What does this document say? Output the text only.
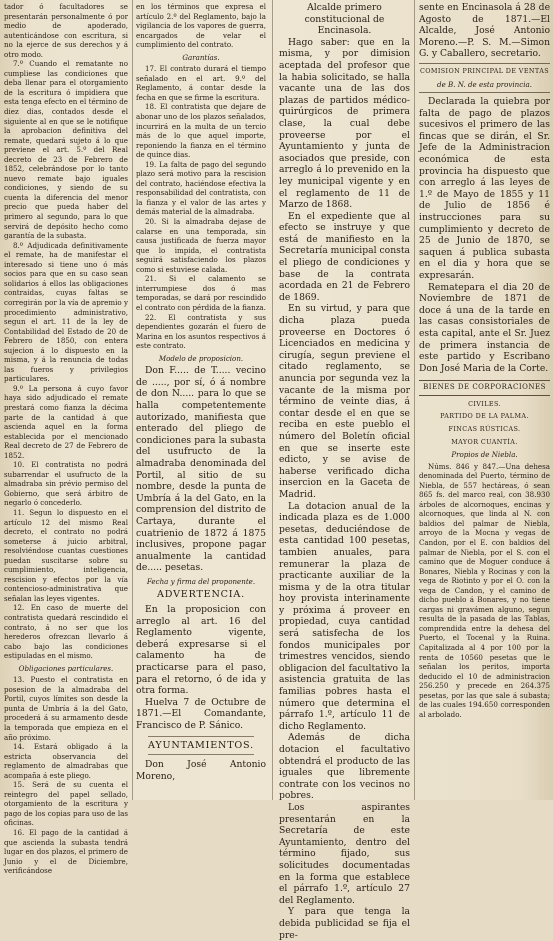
tador ó facultadores se presentarán personalmente ó por medio de apoderado, autenticándose con escritura, si no la ejerce de sus derechos y á otro modo.

7.º Cuando el rematante no cumpliese las condiciones que deba llenar para el otorgamiento de la escritura ó impidiera que esta tenga efecto en el término de diez dias, contados desde el siguiente al en que se le notifique la aprobacion definitiva del remate, quedará sujeto á lo que previene el art. 5.º del Real decreto de 23 de Febrero de 1852, celebrándose por lo tanto nuevo remate bajo iguales condiciones, y siendo de su cuenta la diferencia del menor precio que pueda haber del primero al segundo, para lo que servirá de depósito hecho como garantía de la subasta.

8.º Adjudicada definitivamente el remate, ha de manifestar el interesado si tiene uno ó más socios para que en su caso sean solidarios á ellos las obligaciones contraidas, cuyas faltas se corregirán por la vía de apremio y procedimiento administrativo, segun el art. 11 de la ley de Contabilidad del Estado de 20 de Febrero de 1850, con entera sujecion á lo dispuesto en la misma, y á la renuncia de todas las fueros y privilegios particulares.

9.º La persona á cuyo favor haya sido adjudicado el remate prestará como fianza la décima parte de la cantidad á que ascienda aquel en la forma establecida por el mencionado Real decreto de 27 de Febrero de 1852.

10. El contratista no podrá subarrendar el usufructo de la almadraba sin prévio permiso del Gobierno, que será árbitro de negarlo ó concederlo.

11. Segun lo dispuesto en el artículo 12 del mismo Real decreto, el contrato no podrá someterse á juicio arbitral, resolviéndose cuantas cuestiones puedan suscitarse sobre su cumplimiento, inteligencia, rescision y efectos por la vía contencioso-administrativa que señalan las leyes vigentes.

12. En caso de muerte del contratista quedará rescindido el contrato, á no ser que los herederos ofrezcan llevarlo á cabo bajo las condiciones estipuladas en el mismo.

Obligaciones particulares.

13. Puesto el contratista en posesion de la almadraba del Portil, cuyos límites son desde la punta de Umbría á la del Gato, procederá á su armamento desde la temporada que empieza en el año próximo.

14. Estará obligado á la estricta observancia del reglamento de almadrabas que acompaña á este pliego.

15. Será de su cuenta el reintegro del papel sellado, otorgamiento de la escritura y pago de los copias para uso de las oficinas.

16. El pago de la cantidad á que ascienda la subasta tendrá lugar en dos plazos, el primero de Junio y el de Diciembre, verificándose

en los términos que expresa el artículo 2.º del Reglamento, bajo la vigilancia de los vapores de guerra, encargados de velar el cumplimiento del contrato.

Garantías.

17. El contrato durará el tiempo señalado en el art. 9.º del Reglamento, á contar desde la fecha en que se firme la escritura.

18. El contratista que dejare de abonar uno de los plazos señalados, incurrirá en la multa de un tercio más de lo que aquel importe, reponiendo la fianza en el término de quince dias.

19. La falta de pago del segundo plazo será motivo para la rescision del contrato, haciéndose efectiva la responsabilidad del contratista, con la fianza y el valor de las artes y demás material de la almadraba.

20. Si la almadraba dejase de calarse en una temporada, sin causa justificada de fuerza mayor que lo impida, el contratista seguirá satisfaciendo los plazos como si estuviese calada.

21. Si el calamento se interrumpiese dos ó mas temporadas, se dará por rescindido el contrato con pérdida de la fianza.

22. El contratista y sus dependientes gozarán el fuero de Marina en los asuntos respectivos á este contrato.

Modelo de proposicion.

Don F..... de T..... vecino de ....., por sí, ó á nombre de don N..... para lo que se halla competentemente autorizado, manifiesta que enterado del pliego de condiciones para la subasta del usufructo de la almadraba denominada del Portil, al sitio de su nombre, desde la punta de Umbría á la del Gato, en la comprension del distrito de Cartaya, durante el cuatrienio de 1872 á 1875 inclusives, propone pagar anualmente la cantidad de..... pesetas.

Fecha y firma del proponente.

ADVERTENCIA.

En la proposicion con arreglo al art. 16 del Reglamento vigente, deberá expresarse si el calamento ha de practicarse para el paso, para el retorno, ó de ida y otra forma.

Huelva 7 de Octubre de 1871.—El Comandante, Francisco de P. Sánico.

AYUNTAMIENTOS.

Don José Antonio Moreno,

Alcalde primero constitucional de Encinasola.

Hago saber: que en la misma, y por dimision aceptada del profesor que la habia solicitado, se halla vacante una de las dos plazas de partidos médico-quirúrgicos de primera clase, la cual debe proveerse por el Ayuntamiento y junta de asociados que preside, con arreglo á lo prevenido en la ley municipal vigente y en el reglamento de 11 de Marzo de 1868.

En el expediente que al efecto se instruye y que está de manifiesto en la Secretaría municipal consta el pliego de condiciones y base de la contrata acordada en 21 de Febrero de 1869.

En su virtud, y para que dicha plaza pueda proveerse en Doctores ó Licenciados en medicina y cirugía, segun previene el citado reglamento, se anuncia por segunda vez la vacante de la misma por término de veinte dias, á contar desde el en que se reciba en este pueblo el número del Boletín oficial en que se inserte este edicto, y se avise de haberse verificado dicha insercion en la Gaceta de Madrid.

La dotacion anual de la indicada plaza es de 1.000 pesetas, deduciéndose de esta cantidad 100 pesetas, tambien anuales, para remunerar la plaza de practicante auxiliar de la misma y de la otra titular hoy provista interinamente y próxima á proveer en propiedad, cuya cantidad será satisfecha de los fondos municipales por trimestres vencidos, siendo obligacion del facultativo la asistencia gratuita de las familias pobres hasta el número que determina el párrafo 1.º, artículo 11 de dicho Reglamento.

Además de dicha dotacion el facultativo obtendrá el producto de las iguales que libremente contrate con los vecinos no pobres.

Los aspirantes presentarán en la Secretaría de este Ayuntamiento, dentro del término fijado, sus solicitudes documentadas en la forma que establece el párrafo 1.º, artículo 27 del Reglamento.

Y para que tenga la debida publicidad se fija el pre-

sente en Encinasola á 28 de Agosto de 1871.—El Alcalde, José Antonio Moreno.—P. S. M.—Simon G. y Caballero, secretario.

COMISION PRINCIPAL DE VENTAS

de B. N. de esta provincia.

Declarada la quiebra por falta de pago de plazos sucesivos el primero de las fincas que se dirán, el Sr. Jefe de la Administracion económica de esta provincia ha dispuesto que con arreglo á las leyes de 1.º de Mayo de 1855 y 11 de Julio de 1856 é instrucciones para su cumplimiento y decreto de 25 de Junio de 1870, se saquen á publica subasta en el dia y hora que se expresarán.

Rematepara el dia 20 de Noviembre de 1871 de doce á una de la tarde en las casas consistoriales de esta capital, ante el Sr. Juez de primera instancia de este partido y Escribano Don José Maria de la Corte.

BIENES DE CORPORACIONES

CIVILES.

PARTIDO DE LA PALMA.

FINCAS RÚSTICAS.

MAYOR CUANTÍA.

Propios de Niebla.

Núms. 846 y 847.—Una dehesa denominada del Puerto, término de Niebla, de 557 hectáreas, ó sean 865 fs. del marco real, con 38.930 árboles de alcornoques, encinas y alcornoques, que linda al N. con baldios del palmar de Niebla, arroyo de la Mocna y vegas de Candon, por el E. con baldios del palmar de Niebla, por el S. con el camino que de Moguer conduce á Bonares, Niebla y Rocinas y con la vega de Riotinto y por el O. con la vega de Candon, y el camino de dicho pueblo á Bonares, y no tiene cargas ni gravámen alguno, segun resulta de la pasada de las Tablas, comprendida entre la dehesa del Puerto, el Tocenal y la Ruina. Capitalizada al 4 por 100 por la renta de 10560 pesetas que le señalan los peritos, importa deducido el 10 de administracion 256.250 y precede en 264.375 pesetas, por las que sale á subasta; de las cuales 194.650 corresponden al arbolado.
